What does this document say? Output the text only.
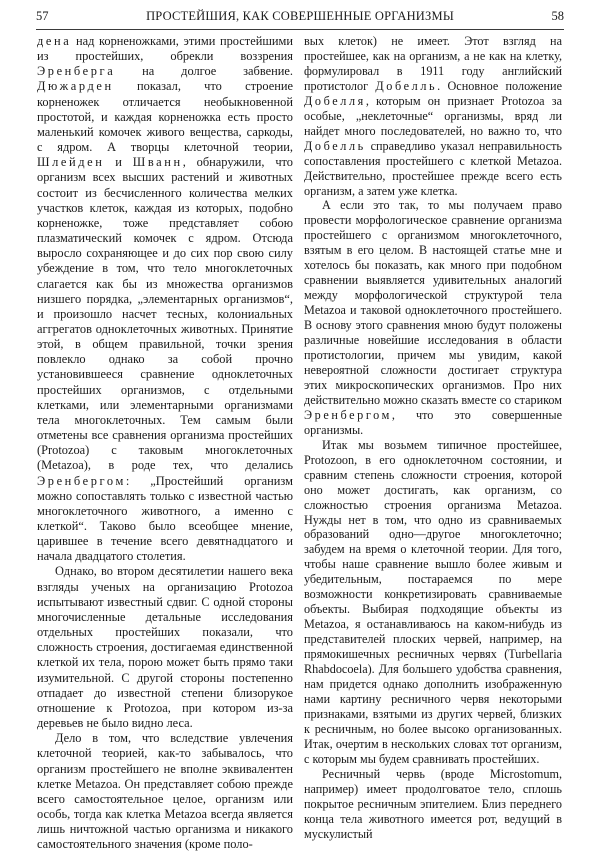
57	ПРОСТЕЙШИЯ, КАК СОВЕРШЕННЫЕ ОРГАНИЗМЫ	58

дена над корненожками, этими простейшими из простейших, обрекли воззрения Эренберга на долгое забвение. Дюжарден показал, что строение корненожек отличается необыкновенной простотой, и каждая корненожка есть просто маленький комочек живого вещества, саркоды, с ядром. А творцы клеточной теории, Шлейден и Шванн, обнаружили, что организм всех высших растений и животных состоит из бесчисленного количества мелких участков клеток, каждая из которых, подобно корненожке, тоже представляет собою плазматический комочек с ядром. Отсюда выросло сохраняющее и до сих пор свою силу убеждение в том, что тело многоклеточных слагается как бы из множества организмов низшего порядка, „элементарных организмов“, и произошло насчет тесных, колониальных аггрегатов одноклеточных животных. Принятие этой, в общем правильной, точки зрения повлекло однако за собой прочно установившееся сравнение одноклеточных простейших организмов, с отдельными клетками, или элементарными организмами тела многоклеточных. Тем самым были отметены все сравнения организма простейших (Protozoa) с таковым многоклеточных (Metazoa), в роде тех, что делались Эренбергом: „Простейший организм можно сопоставлять только с известной частью многоклеточного животного, а именно с клеткой“. Таково было всеобщее мнение, царившее в течение всего девятнадцатого и начала двадцатого столетия.

Однако, во втором десятилетии нашего века взгляды ученых на организацию Protozoa испытывают известный сдвиг. С одной стороны многочисленные детальные исследования отдельных простейших показали, что сложность строения, достигаемая единственной клеткой их тела, порою может быть прямо таки изумительной. С другой стороны постепенно отпадает до известной степени близорукое отношение к Protozoa, при котором из-за деревьев не было видно леса.

Дело в том, что вследствие увлечения клеточной теорией, как-то забывалось, что организм простейшего не вполне эквивалентен клетке Metazoa. Он представляет собою прежде всего самостоятельное целое, организм или особь, тогда как клетка Metazoa всегда является лишь ничтожной частью организма и никакого самостоятельного значения (кроме поло-

вых клеток) не имеет. Этот взгляд на простейшее, как на организм, а не как на клетку, формулировал в 1911 году английский протистолог Добелль. Основное положение Добелля, которым он признает Protozoa за особые, „неклеточные“ организмы, вряд ли найдет много последователей, но важно то, что Добелль справедливо указал неправильность сопоставления простейшего с клеткой Metazoa. Действительно, простейшее прежде всего есть организм, а затем уже клетка.

А если это так, то мы получаем право провести морфологическое сравнение организма простейшего с организмом многоклеточного, взятым в его целом. В настоящей статье мне и хотелось бы показать, как много при подобном сравнении выявляется удивительных аналогий между морфологической структурой тела Metazoa и таковой одноклеточного простейшего. В основу этого сравнения мною будут положены различные новейшие исследования в области протистологии, причем мы увидим, какой невероятной сложности достигает структура этих микроскопических организмов. Про них действительно можно сказать вместе со стариком Эренбергом, что это совершенные организмы.

Итак мы возьмем типичное простейшее, Protozoon, в его одноклеточном состоянии, и сравним степень сложности строения, которой оно может достигать, как организм, со сложностью строения организма Metazoa. Нужды нет в том, что одно из сравниваемых образований одно—другое многоклеточно; забудем на время о клеточной теории. Для того, чтобы наше сравнение вышло более живым и убедительным, постараемся по мере возможности конкретизировать сравниваемые объекты. Выбирая подходящие объекты из Metazoa, я останавливаюсь на каком-нибудь из представителей плоских червей, например, на прямокишечных ресничных червях (Turbellaria Rhabdocoela). Для большего удобства сравнения, нам придется однако дополнить изображенную нами картину ресничного червя некоторыми признаками, взятыми из других червей, близких к ресничным, но более высоко организованных. Итак, очертим в нескольких словах тот организм, с которым мы будем сравнивать простейших.

Ресничный червь (вроде Microstomum, например) имеет продолговатое тело, сплошь покрытое ресничным эпителием. Близ переднего конца тела животного имеется рот, ведущий в мускулистый
